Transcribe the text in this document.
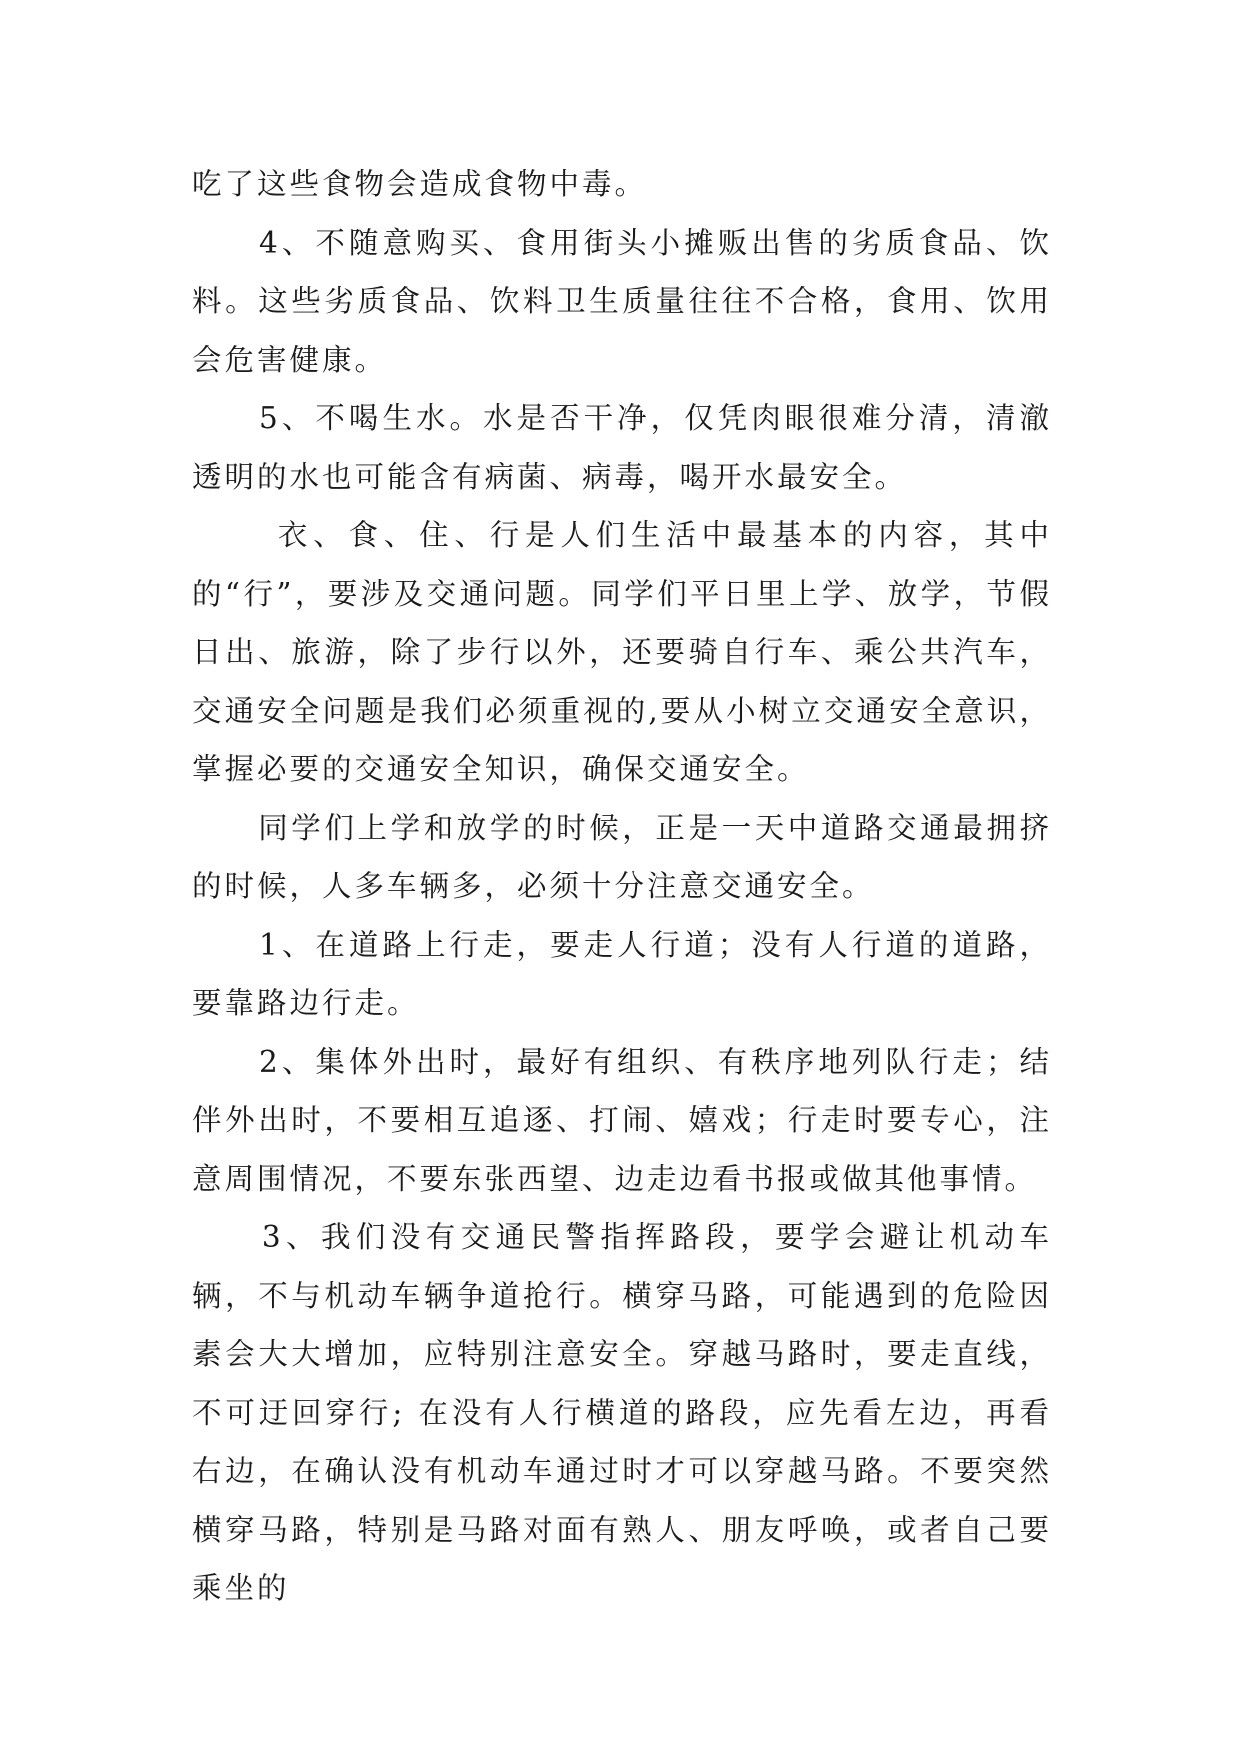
吃了这些食物会造成食物中毒。

　　4、不随意购买、食用街头小摊贩出售的劣质食品、饮料。这些劣质食品、饮料卫生质量往往不合格，食用、饮用会危害健康。

　　5、不喝生水。水是否干净，仅凭肉眼很难分清，清澈透明的水也可能含有病菌、病毒，喝开水最安全。

　　 衣、食、住、行是人们生活中最基本的内容，其中的“行”，要涉及交通问题。同学们平日里上学、放学，节假日出、旅游，除了步行以外，还要骑自行车、乘公共汽车，交通安全问题是我们必须重视的,要从小树立交通安全意识，掌握必要的交通安全知识，确保交通安全。

　　同学们上学和放学的时候，正是一天中道路交通最拥挤的时候，人多车辆多，必须十分注意交通安全。

　　1、在道路上行走，要走人行道；没有人行道的道路，要靠路边行走。

　　2、集体外出时，最好有组织、有秩序地列队行走；结伴外出时，不要相互追逐、打闹、嬉戏；行走时要专心，注意周围情况，不要东张西望、边走边看书报或做其他事情。

　　3、我们没有交通民警指挥路段，要学会避让机动车辆，不与机动车辆争道抢行。横穿马路，可能遇到的危险因素会大大增加，应特别注意安全。穿越马路时，要走直线，不可迂回穿行; 在没有人行横道的路段，应先看左边，再看右边，在确认没有机动车通过时才可以穿越马路。不要突然横穿马路，特别是马路对面有熟人、朋友呼唤，或者自己要乘坐的
